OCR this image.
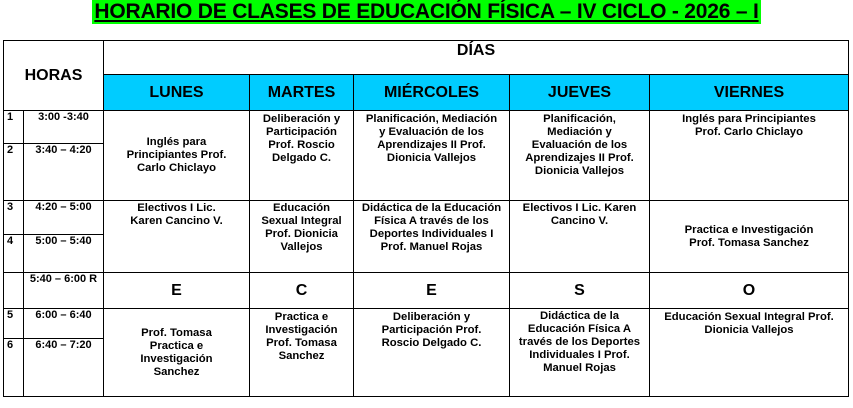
HORARIO DE CLASES DE EDUCACIÓN FÍSICA – IV CICLO - 2026 – I
HORAS		DÍAS				
		LUNES	MARTES	MIÉRCOLES	JUEVES	VIERNES
1	3:00 -3:40	Inglés para Principiantes Prof. Carlo Chiclayo	Deliberación y Participación Prof. Roscio Delgado C.	Planificación, Mediación y Evaluación de los Aprendizajes II Prof. Dionicia Vallejos	Planificación, Mediación y Evaluación de los Aprendizajes II Prof. Dionicia Vallejos	Inglés para Principiantes Prof. Carlo Chiclayo

2	3:40 – 4:20					
3	4:20 – 5:00	Electivos I Lic. Karen Cancino V.	Educación Sexual Integral Prof. Dionicia Vallejos	Didáctica de la Educación Física A través de los Deportes Individuales I Prof. Manuel Rojas	Electivos I Lic. Karen Cancino V.	Practica e Investigación Prof. Tomasa Sanchez

4	5:00 – 5:40					
	5:40 – 6:00 R	E	C	E	S	O
5	6:00 – 6:40	Prof. Tomasa Practica e Investigación Sanchez	Practica e Investigación Prof. Tomasa Sanchez	Deliberación y Participación Prof. Roscio Delgado C.	Didáctica de la Educación Física A través de los Deportes Individuales I Prof. Manuel Rojas	Educación Sexual Integral Prof. Dionicia Vallejos

6	6:40 – 7:20					
